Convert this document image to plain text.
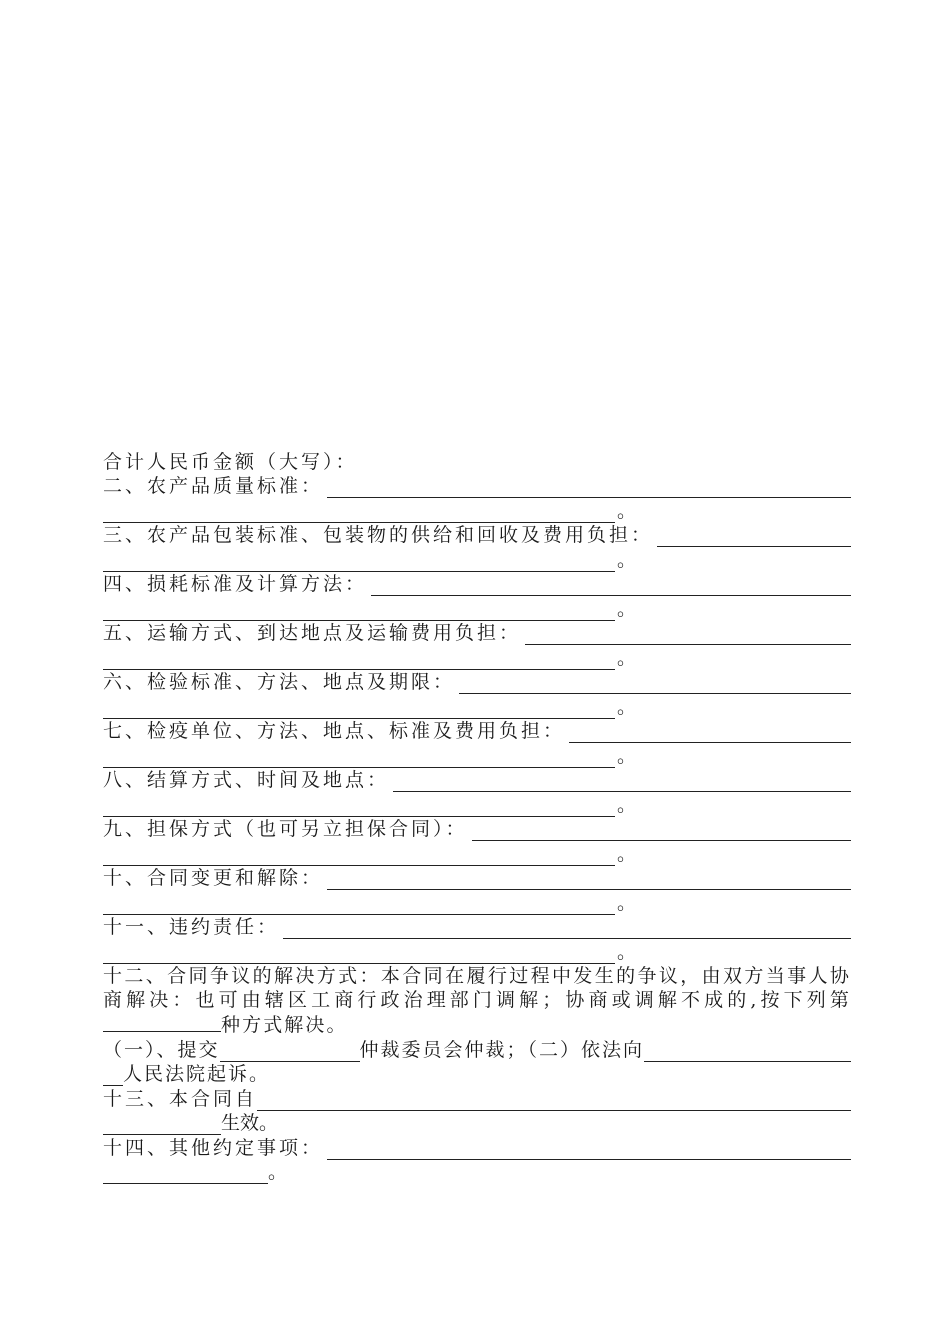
合计人民币金额（大写）：
二、农产品质量标准：
。
三、农产品包装标准、包装物的供给和回收及费用负担：
。
四、损耗标准及计算方法：
。
五、运输方式、到达地点及运输费用负担：
。
六、检验标准、方法、地点及期限：
。
七、检疫单位、方法、地点、标准及费用负担：
。
八、结算方式、时间及地点：
。
九、担保方式（也可另立担保合同）：
。
十、合同变更和解除：
。
十一、违约责任：
。
十二、合同争议的解决方式：本合同在履行过程中发生的争议，由双方当事人协商解决：也可由辖区工商行政治理部门调解；协商或调解不成的,按下列第种方式解决。
（一）、提交	仲裁委员会仲裁；（二）依法向
人民法院起诉。
十三、本合同自
生效。
十四、其他约定事项：
。
